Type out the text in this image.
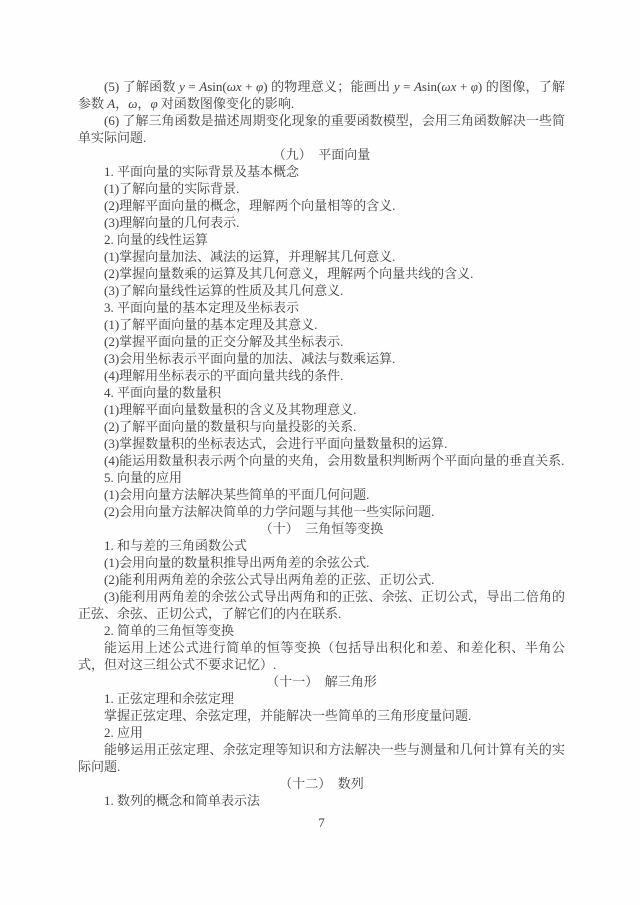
(5) 了解函数 y = Asin(ωx + φ) 的物理意义；能画出 y = Asin(ωx + φ) 的图像，了解参数 A，ω，φ 对函数图像变化的影响.
(6) 了解三角函数是描述周期变化现象的重要函数模型，会用三角函数解决一些简单实际问题.
（九）　平面向量
1. 平面向量的实际背景及基本概念
(1)了解向量的实际背景.
(2)理解平面向量的概念，理解两个向量相等的含义.
(3)理解向量的几何表示.
2. 向量的线性运算
(1)掌握向量加法、减法的运算，并理解其几何意义.
(2)掌握向量数乘的运算及其几何意义，理解两个向量共线的含义.
(3)了解向量线性运算的性质及其几何意义.
3. 平面向量的基本定理及坐标表示
(1)了解平面向量的基本定理及其意义.
(2)掌握平面向量的正交分解及其坐标表示.
(3)会用坐标表示平面向量的加法、减法与数乘运算.
(4)理解用坐标表示的平面向量共线的条件.
4. 平面向量的数量积
(1)理解平面向量数量积的含义及其物理意义.
(2)了解平面向量的数量积与向量投影的关系.
(3)掌握数量积的坐标表达式，会进行平面向量数量积的运算.
(4)能运用数量积表示两个向量的夹角，会用数量积判断两个平面向量的垂直关系.
5. 向量的应用
(1)会用向量方法解决某些简单的平面几何问题.
(2)会用向量方法解决简单的力学问题与其他一些实际问题.
（十）　三角恒等变换
1. 和与差的三角函数公式
(1)会用向量的数量积推导出两角差的余弦公式.
(2)能利用两角差的余弦公式导出两角差的正弦、正切公式.
(3)能利用两角差的余弦公式导出两角和的正弦、余弦、正切公式，导出二倍角的正弦、余弦、正切公式，了解它们的内在联系.
2. 简单的三角恒等变换
能运用上述公式进行简单的恒等变换（包括导出积化和差、和差化积、半角公式，但对这三组公式不要求记忆）.
（十一）　解三角形
1. 正弦定理和余弦定理
掌握正弦定理、余弦定理，并能解决一些简单的三角形度量问题.
2. 应用
能够运用正弦定理、余弦定理等知识和方法解决一些与测量和几何计算有关的实际问题.
（十二）　数列
1. 数列的概念和简单表示法
7
